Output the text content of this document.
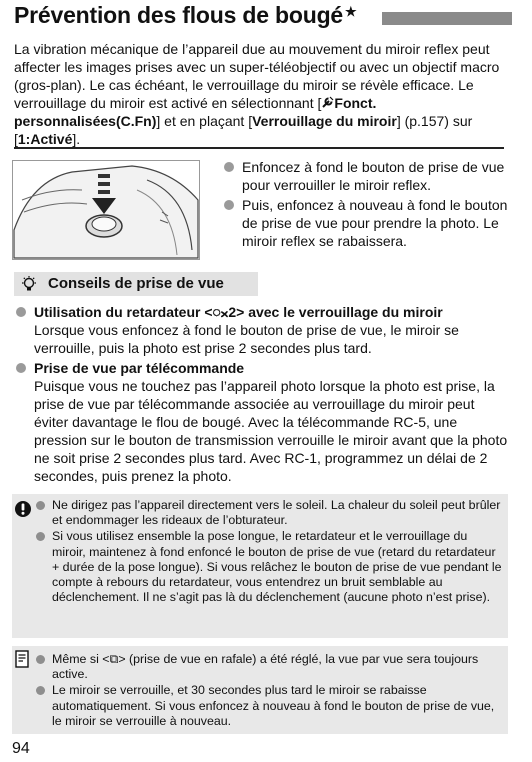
Prévention des flous de bougé ★
La vibration mécanique de l’appareil due au mouvement du miroir reflex peut affecter les images prises avec un super-téléobjectif ou avec un objectif macro (gros-plan). Le cas échéant, le verrouillage du miroir se révèle efficace. Le verrouillage du miroir est activé en sélectionnant [ Fonct. personnalisées(C.Fn)] et en plaçant [Verrouillage du miroir] (p.157) sur [1:Activé].
Enfoncez à fond le bouton de prise de vue pour verrouiller le miroir reflex.
Puis, enfoncez à nouveau à fond le bouton de prise de vue pour prendre la photo. Le miroir reflex se rabaissera.
Conseils de prise de vue
Utilisation du retardateur <ᯬ2> avec le verrouillage du miroir
Lorsque vous enfoncez à fond le bouton de prise de vue, le miroir se verrouille, puis la photo est prise 2 secondes plus tard.
Prise de vue par télécommande
Puisque vous ne touchez pas l’appareil photo lorsque la photo est prise, la prise de vue par télécommande associée au verrouillage du miroir peut éviter davantage le flou de bougé. Avec la télécommande RC-5, une pression sur le bouton de transmission verrouille le miroir avant que la photo ne soit prise 2 secondes plus tard. Avec RC-1, programmez un délai de 2 secondes, puis prenez la photo.
Ne dirigez pas l’appareil directement vers le soleil. La chaleur du soleil peut brûler et endommager les rideaux de l’obturateur.
Si vous utilisez ensemble la pose longue, le retardateur et le verrouillage du miroir, maintenez à fond enfoncé le bouton de prise de vue (retard du retardateur + durée de la pose longue). Si vous relâchez le bouton de prise de vue pendant le compte à rebours du retardateur, vous entendrez un bruit semblable au déclenchement. Il ne s’agit pas là du déclenchement (aucune photo n’est prise).
Même si <⧉> (prise de vue en rafale) a été réglé, la vue par vue sera toujours active.
Le miroir se verrouille, et 30 secondes plus tard le miroir se rabaisse automatiquement. Si vous enfoncez à nouveau à fond le bouton de prise de vue, le miroir se verrouille à nouveau.
94
